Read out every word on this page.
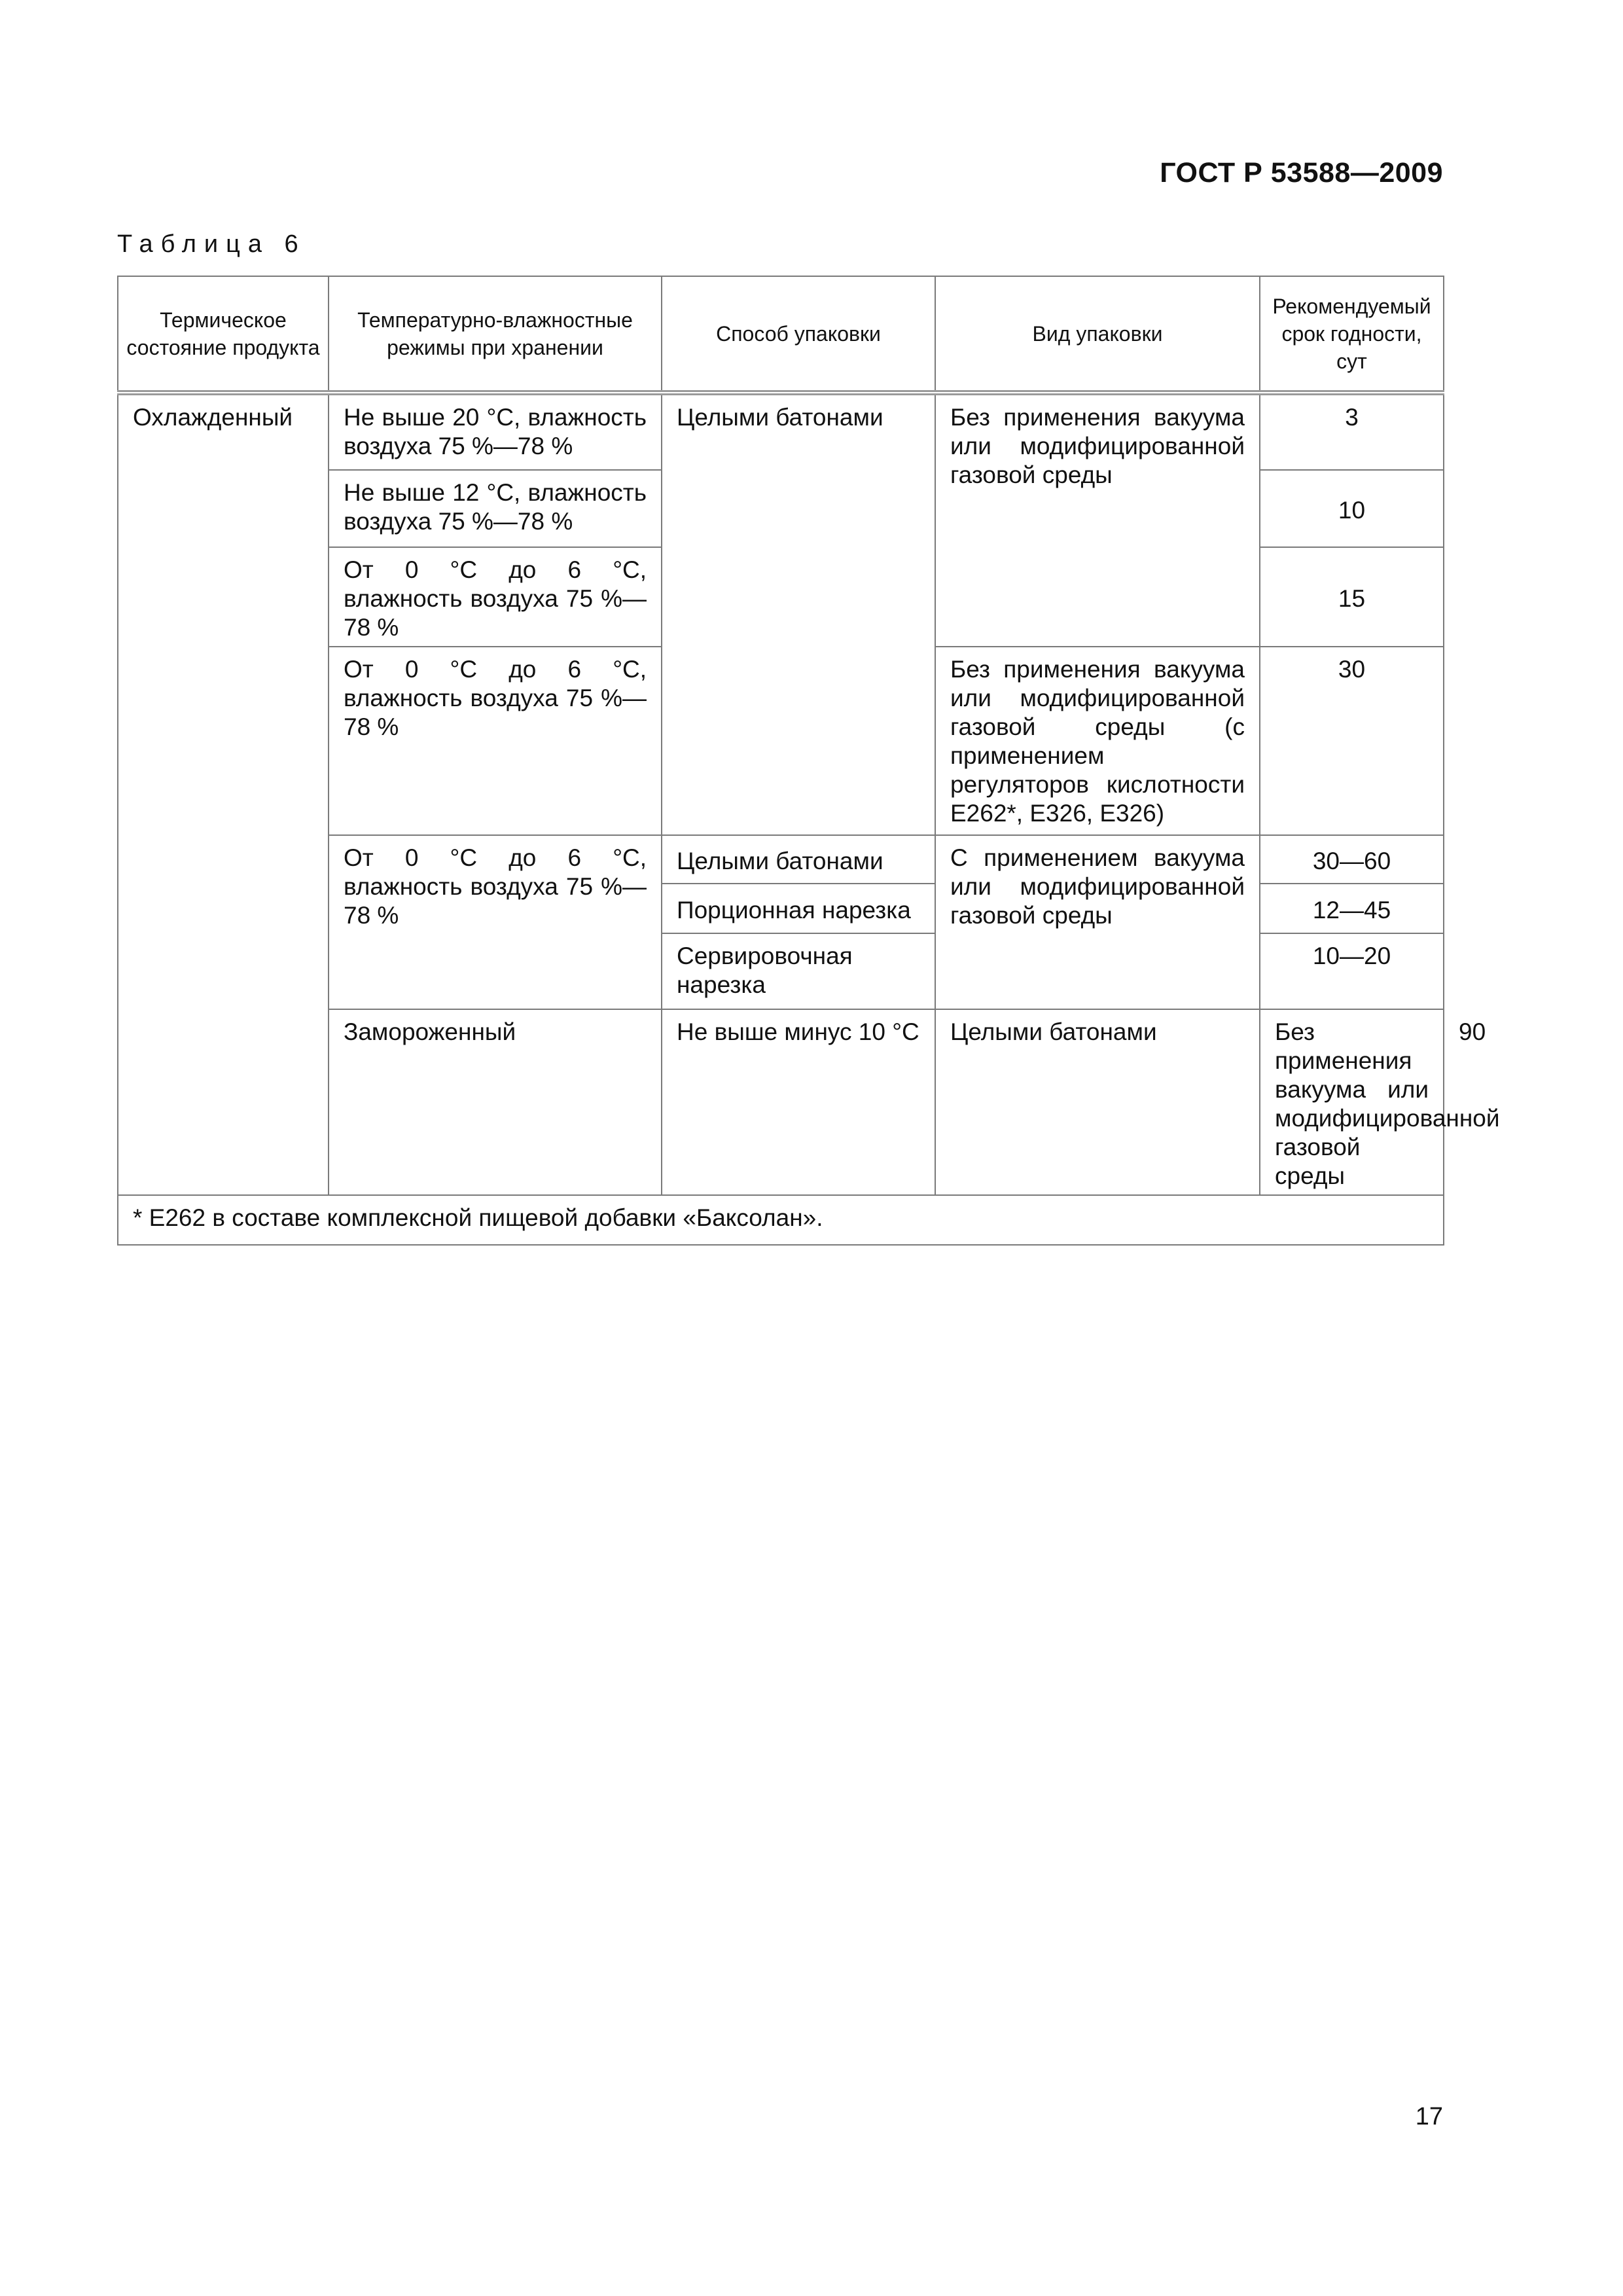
ГОСТ Р 53588—2009
Таблица 6
Термическое состояние продукта	Температурно-влажностные режимы при хранении	Способ упаковки	Вид упаковки	Рекомендуемый срок годности, сут	
Охлажденный	Не выше 20 °С, влажность воздуха 75 %—78 %	Целыми батонами	Без применения вакуума или модифицированной газовой среды	3	
	Не выше 12 °С, влажность воздуха 75 %—78 %			10	
	От 0 °С до 6 °С, влажность воздуха 75 %—78 %			15	
	От 0 °С до 6 °С, влажность воздуха 75 %—78 %		Без применения вакуума или модифицированной газовой среды (с применением регуляторов кислотности Е262*, Е326, Е326)	30	
	От 0 °С до 6 °С, влажность воздуха 75 %—78 %	Целыми батонами	С применением вакуума или модифицированной газовой среды	30—60	
		Порционная нарезка		12—45	
		Сервировочная нарезка		10—20	
	Замороженный	Не выше минус 10 °С	Целыми батонами	Без применения вакуума или модифицированной газовой среды	90
* Е262 в составе комплексной пищевой добавки «Баксолан».					
17
